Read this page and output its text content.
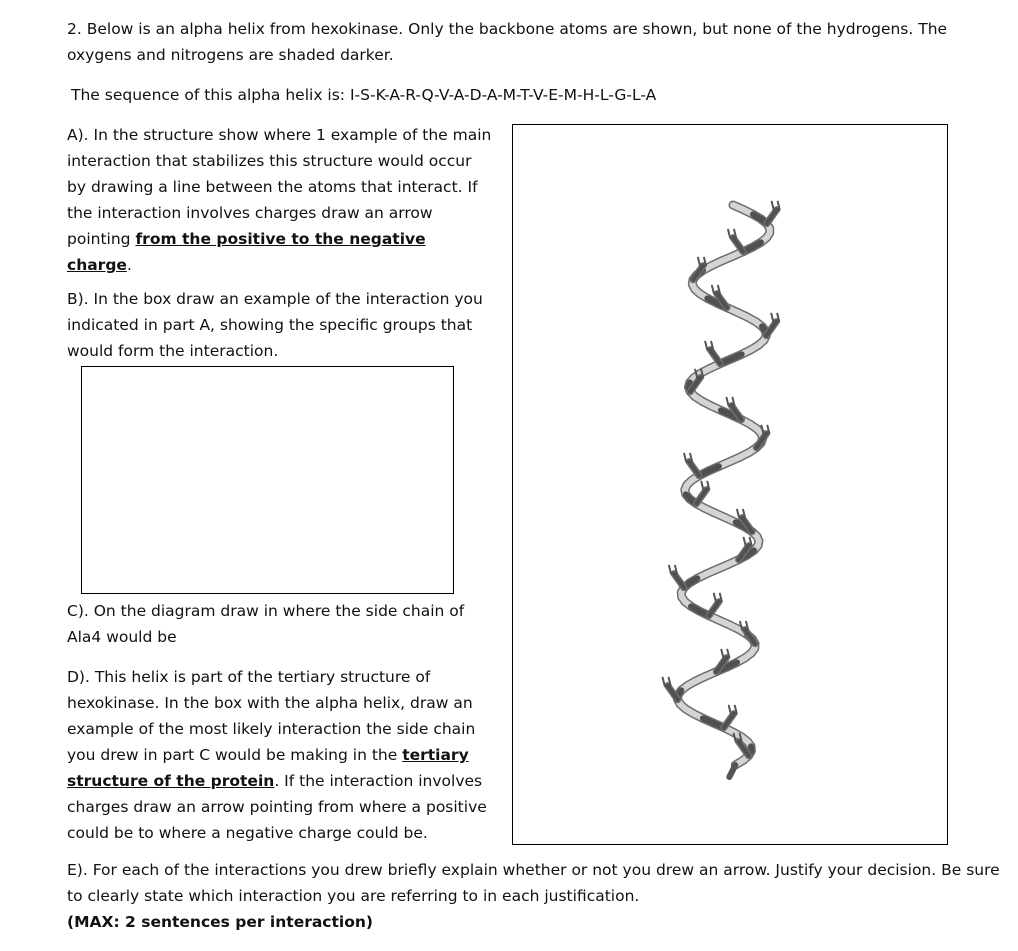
2. Below is an alpha helix from hexokinase. Only the backbone atoms are shown, but none of the hydrogens. The oxygens and nitrogens are shaded darker.
The sequence of this alpha helix is: I-S-K-A-R-Q-V-A-D-A-M-T-V-E-M-H-L-G-L-A
A). In the structure show where 1 example of the main interaction that stabilizes this structure would occur by drawing a line between the atoms that interact. If the interaction involves charges draw an arrow pointing from the positive to the negative charge.
B). In the box draw an example of the interaction you indicated in part A, showing the specific groups that would form the interaction.
C). On the diagram draw in where the side chain of Ala4 would be
D). This helix is part of the tertiary structure of hexokinase. In the box with the alpha helix, draw an example of the most likely interaction the side chain you drew in part C would be making in the tertiary structure of the protein. If the interaction involves charges draw an arrow pointing from where a positive could be to where a negative charge could be.
E). For each of the interactions you drew briefly explain whether or not you drew an arrow. Justify your decision. Be sure to clearly state which interaction you are referring to in each justification.
(MAX: 2 sentences per interaction)
